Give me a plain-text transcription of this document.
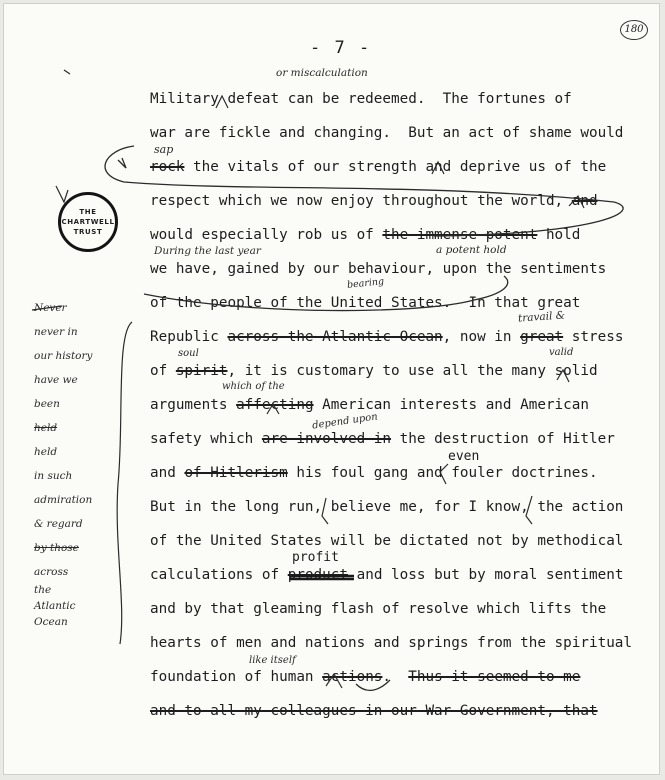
- 7 -
180
THE
CHARTWELL
TRUST
Military defeat can be redeemed.  The fortunes of
war are fickle and changing.  But an act of shame would
rock the vitals of our strength and deprive us of the
respect which we now enjoy throughout the world, and
would especially rob us of the immense potent hold
we have, gained by our behaviour, upon the sentiments
of the people of the United States.  In that great
Republic across the Atlantic Ocean, now in great stress
of spirit, it is customary to use all the many solid
arguments affecting American interests and American
safety which are involved in the destruction of Hitler
and of Hitlerism his foul gang and fouler doctrines.
But in the long run, believe me, for I know, the action
of the United States will be dictated not by methodical
calculations of product and loss but by moral sentiment
and by that gleaming flash of resolve which lifts the
hearts of men and nations and springs from the spiritual
foundation of human actions.  Thus it seemed to me
and to all my colleagues in our War Government, that
profit
even
or miscalculation
sap
During the last year	a potent hold
bearing
travail &
soul	valid
which of the
depend upon
like itself
Never
never in
our history
have we
been
held
held
in such
admiration
& regard
by those
across
the
Atlantic
Ocean
